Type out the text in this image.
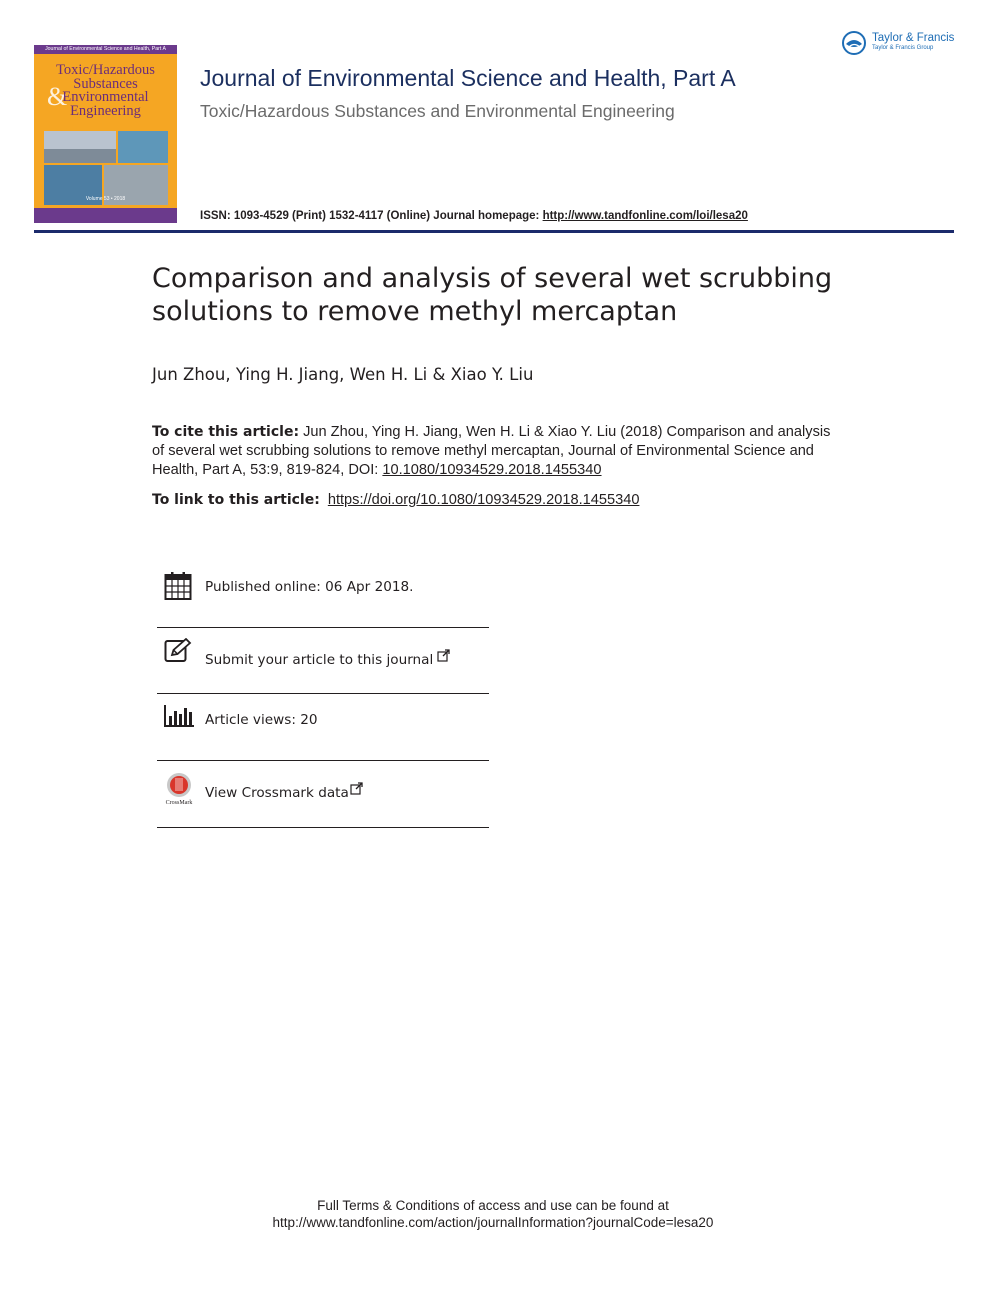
Journal of Environmental Science and Health, Part A
&
Toxic/Hazardous
Substances
Environmental
Engineering
Volume 53 • 2018
Journal of Environmental Science and Health, Part A
Toxic/Hazardous Substances and Environmental Engineering
Taylor & Francis
Taylor & Francis Group
ISSN: 1093-4529 (Print) 1532-4117 (Online) Journal homepage: http://www.tandfonline.com/loi/lesa20
Comparison and analysis of several wet scrubbing solutions to remove methyl mercaptan
Jun Zhou, Ying H. Jiang, Wen H. Li & Xiao Y. Liu
To cite this article: Jun Zhou, Ying H. Jiang, Wen H. Li & Xiao Y. Liu (2018) Comparison and analysis of several wet scrubbing solutions to remove methyl mercaptan, Journal of Environmental Science and Health, Part A, 53:9, 819-824, DOI: 10.1080/10934529.2018.1455340
To link to this article: https://doi.org/10.1080/10934529.2018.1455340
Published online: 06 Apr 2018.
Submit your article to this journal
Article views: 20
CrossMark
View Crossmark data
Full Terms & Conditions of access and use can be found at
http://www.tandfonline.com/action/journalInformation?journalCode=lesa20
